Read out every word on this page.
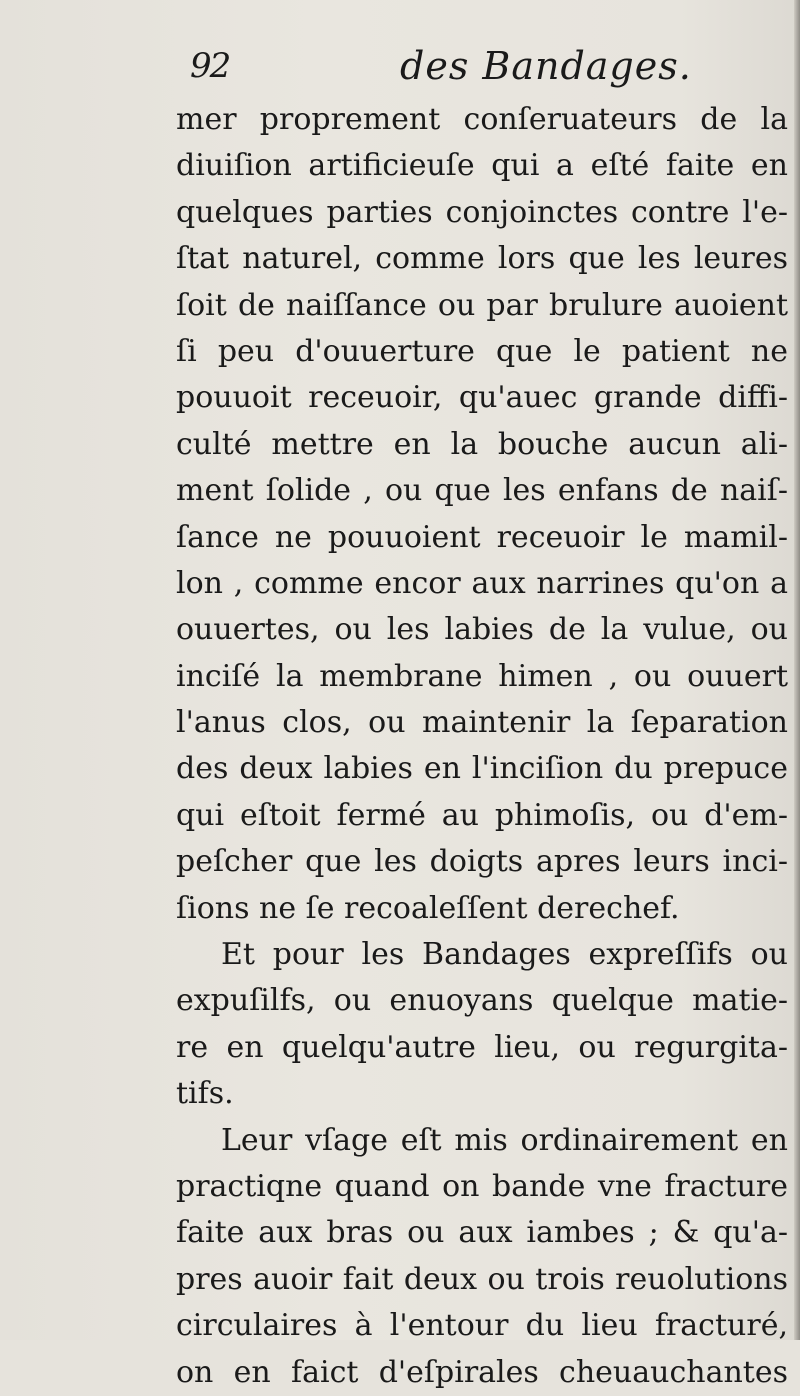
92	des Bandages.
mer proprement conſeruateurs de la
diuiſion artificieuſe qui a eſté faite en
quelques parties conjoinctes contre l'e-
ſtat naturel, comme lors que les leures
ſoit de naiſſance ou par brulure auoient
ſi peu d'ouuerture que le patient ne
pouuoit receuoir, qu'auec grande diffi-
culté mettre en la bouche aucun ali-
ment ſolide , ou que les enfans de naiſ-
ſance ne pouuoient receuoir le mamil-
lon , comme encor aux narrines qu'on a
ouuertes, ou les labies de la vulue, ou
inciſé la membrane himen , ou ouuert
l'anus clos, ou maintenir la ſeparation
des deux labies en l'inciſion du prepuce
qui eſtoit fermé au phimoſis, ou d'em-
peſcher que les doigts apres leurs inci-
ſions ne ſe recoaleſſent derechef.
Et pour les Bandages expreſſifs ou
expuſilfs, ou enuoyans quelque matie-
re en quelqu'autre lieu, ou regurgita-
tifs.
Leur vſage eſt mis ordinairement en
practiqne quand on bande vne fracture
faite aux bras ou aux iambes ; & qu'a-
pres auoir fait deux ou trois reuolutions
circulaires à l'entour du lieu fracturé,
on en faict d'eſpirales cheuauchantes
